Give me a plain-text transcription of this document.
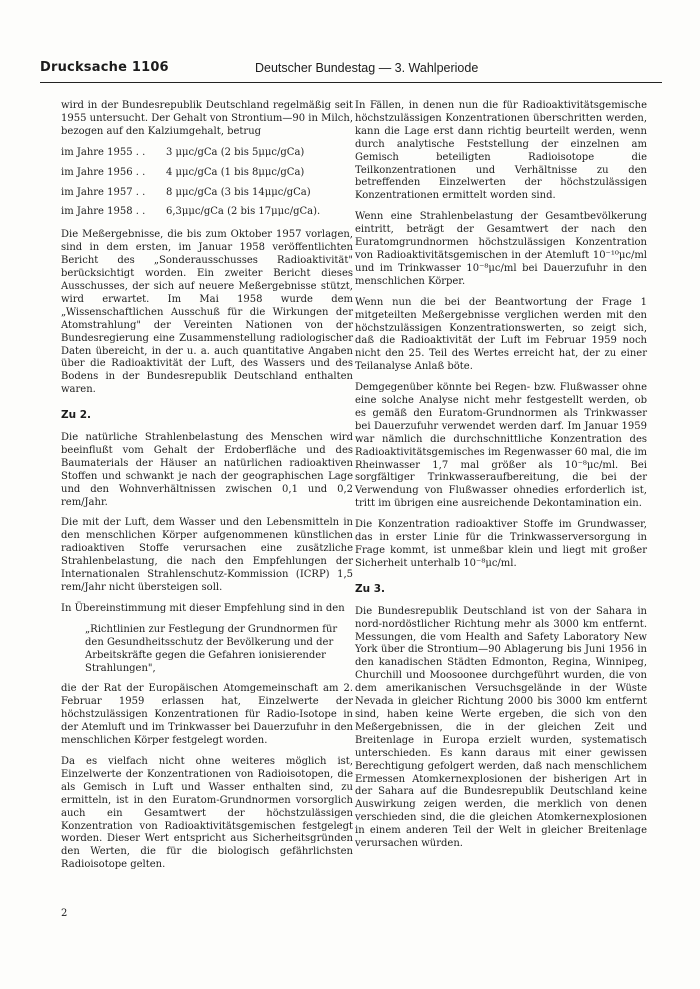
Drucksache 1106	Deutscher Bundestag — 3. Wahlperiode

wird in der Bundesrepublik Deutschland regelmäßig seit 1955 untersucht. Der Gehalt von Strontium—90 in Milch, bezogen auf den Kalziumgehalt, betrug

im Jahre 1955 . .	3 μμc/gCa (2 bis 5μμc/gCa)
im Jahre 1956 . .	4 μμc/gCa (1 bis 8μμc/gCa)
im Jahre 1957 . .	8 μμc/gCa (3 bis 14μμc/gCa)
im Jahre 1958 . .	6,3μμc/gCa (2 bis 17μμc/gCa).

Die Meßergebnisse, die bis zum Oktober 1957 vorlagen, sind in dem ersten, im Januar 1958 veröffentlichten Bericht des „Sonderausschusses Radioaktivität" berücksichtigt worden. Ein zweiter Bericht dieses Ausschusses, der sich auf neuere Meßergebnisse stützt, wird erwartet. Im Mai 1958 wurde dem „Wissenschaftlichen Ausschuß für die Wirkungen der Atomstrahlung" der Vereinten Nationen von der Bundesregierung eine Zusammenstellung radiologischer Daten übereicht, in der u. a. auch quantitative Angaben über die Radioaktivität der Luft, des Wassers und des Bodens in der Bundesrepublik Deutschland enthalten waren.

Zu 2.

Die natürliche Strahlenbelastung des Menschen wird beeinflußt vom Gehalt der Erdoberfläche und des Baumaterials der Häuser an natürlichen radioaktiven Stoffen und schwankt je nach der geographischen Lage und den Wohnverhältnissen zwischen 0,1 und 0,2 rem/Jahr.

Die mit der Luft, dem Wasser und den Lebensmitteln in den menschlichen Körper aufgenommenen künstlichen radioaktiven Stoffe verursachen eine zusätzliche Strahlenbelastung, die nach den Empfehlungen der Internationalen Strahlenschutz-Kommission (ICRP) 1,5 rem/Jahr nicht übersteigen soll.

In Übereinstimmung mit dieser Empfehlung sind in den

„Richtlinien zur Festlegung der Grundnormen für den Gesundheitsschutz der Bevölkerung und der Arbeitskräfte gegen die Gefahren ionisierender Strahlungen",

die der Rat der Europäischen Atomgemeinschaft am 2. Februar 1959 erlassen hat, Einzelwerte der höchstzulässigen Konzentrationen für Radio-Isotope in der Atemluft und im Trinkwasser bei Dauerzufuhr in den menschlichen Körper festgelegt worden.

Da es vielfach nicht ohne weiteres möglich ist, Einzelwerte der Konzentrationen von Radioisotopen, die als Gemisch in Luft und Wasser enthalten sind, zu ermitteln, ist in den Euratom-Grundnormen vorsorglich auch ein Gesamtwert der höchstzulässigen Konzentration von Radioaktivitätsgemischen festgelegt worden. Dieser Wert entspricht aus Sicherheitsgründen den Werten, die für die biologisch gefährlichsten Radioisotope gelten.

In Fällen, in denen nun die für Radioaktivitätsgemische höchstzulässigen Konzentrationen überschritten werden, kann die Lage erst dann richtig beurteilt werden, wenn durch analytische Feststellung der einzelnen am Gemisch beteiligten Radioisotope die Teilkonzentrationen und Verhältnisse zu den betreffenden Einzelwerten der höchstzulässigen Konzentrationen ermittelt worden sind.

Wenn eine Strahlenbelastung der Gesamtbevölkerung eintritt, beträgt der Gesamtwert der nach den Euratomgrundnormen höchstzulässigen Konzentration von Radioaktivitätsgemischen in der Atemluft 10⁻¹⁰μc/ml und im Trinkwasser 10⁻⁸μc/ml bei Dauerzufuhr in den menschlichen Körper.

Wenn nun die bei der Beantwortung der Frage 1 mitgeteilten Meßergebnisse verglichen werden mit den höchstzulässigen Konzentrationswerten, so zeigt sich, daß die Radioaktivität der Luft im Februar 1959 noch nicht den 25. Teil des Wertes erreicht hat, der zu einer Teilanalyse Anlaß böte.

Demgegenüber könnte bei Regen- bzw. Flußwasser ohne eine solche Analyse nicht mehr festgestellt werden, ob es gemäß den Euratom-Grundnormen als Trinkwasser bei Dauerzufuhr verwendet werden darf. Im Januar 1959 war nämlich die durchschnittliche Konzentration des Radioaktivitätsgemisches im Regenwasser 60 mal, die im Rheinwasser 1,7 mal größer als 10⁻⁸μc/ml. Bei sorgfältiger Trinkwasseraufbereitung, die bei der Verwendung von Flußwasser ohnedies erforderlich ist, tritt im übrigen eine ausreichende Dekontamination ein.

Die Konzentration radioaktiver Stoffe im Grundwasser, das in erster Linie für die Trinkwasserversorgung in Frage kommt, ist unmeßbar klein und liegt mit großer Sicherheit unterhalb 10⁻⁸μc/ml.

Zu 3.

Die Bundesrepublik Deutschland ist von der Sahara in nord-nordöstlicher Richtung mehr als 3000 km entfernt. Messungen, die vom Health and Safety Laboratory New York über die Strontium—90 Ablagerung bis Juni 1956 in den kanadischen Städten Edmonton, Regina, Winnipeg, Churchill und Moosoonee durchgeführt wurden, die von dem amerikanischen Versuchsgelände in der Wüste Nevada in gleicher Richtung 2000 bis 3000 km entfernt sind, haben keine Werte ergeben, die sich von den Meßergebnissen, die in der gleichen Zeit und Breitenlage in Europa erzielt wurden, systematisch unterschieden. Es kann daraus mit einer gewissen Berechtigung gefolgert werden, daß nach menschlichem Ermessen Atomkernexplosionen der bisherigen Art in der Sahara auf die Bundesrepublik Deutschland keine Auswirkung zeigen werden, die merklich von denen verschieden sind, die die gleichen Atomkernexplosionen in einem anderen Teil der Welt in gleicher Breitenlage verursachen würden.

2
